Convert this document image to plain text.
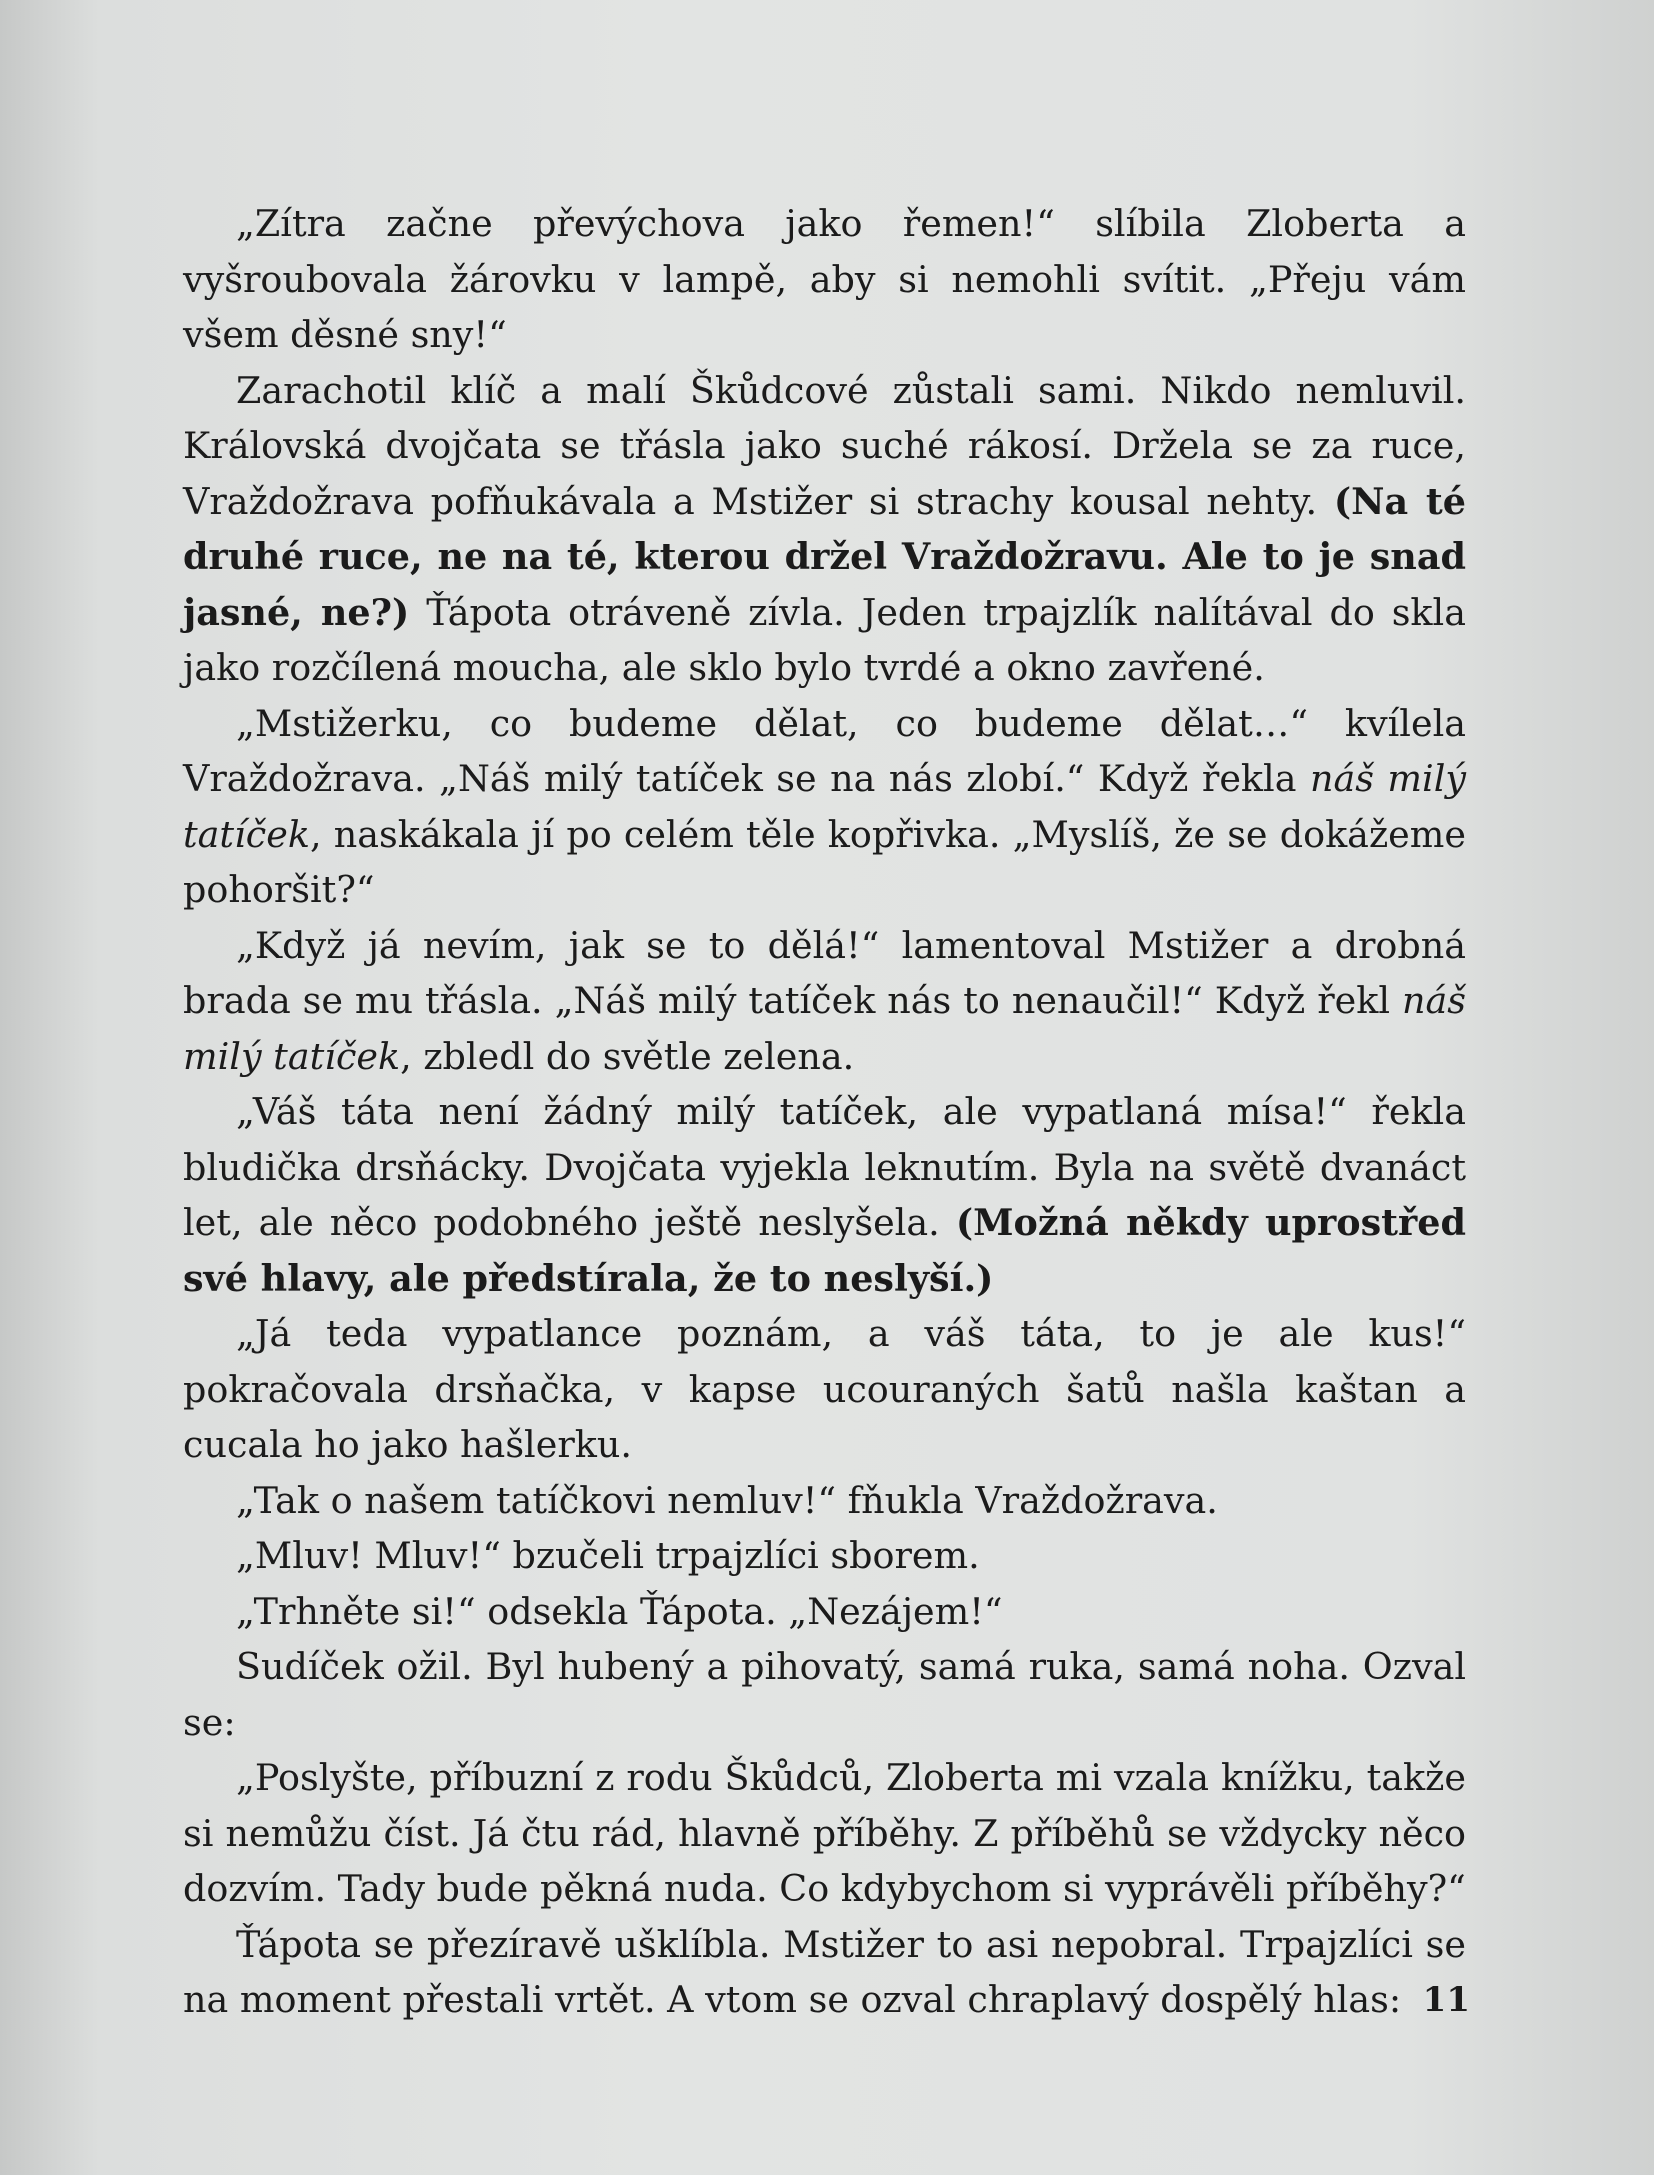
„Zítra začne převýchova jako řemen!“ slíbila Zloberta a vyšroubovala žárovku v lampě, aby si nemohli svítit. „Přeju vám všem děsné sny!“

Zarachotil klíč a malí Škůdcové zůstali sami. Nikdo nemluvil. Královská dvojčata se třásla jako suché rákosí. Držela se za ruce, Vraždožrava pofňukávala a Mstižer si strachy kousal nehty. (Na té druhé ruce, ne na té, kterou držel Vraždožravu. Ale to je snad jasné, ne?) Ťápota otráveně zívla. Jeden trpajzlík nalítával do skla jako rozčílená moucha, ale sklo bylo tvrdé a okno zavřené.

„Mstižerku, co budeme dělat, co budeme dělat…“ kvílela Vraždožrava. „Náš milý tatíček se na nás zlobí.“ Když řekla náš milý tatíček, naskákala jí po celém těle kopřivka. „Myslíš, že se dokážeme pohoršit?“

„Když já nevím, jak se to dělá!“ lamentoval Mstižer a drobná brada se mu třásla. „Náš milý tatíček nás to nenaučil!“ Když řekl náš milý tatíček, zbledl do světle zelena.

„Váš táta není žádný milý tatíček, ale vypatlaná mísa!“ řekla bludička drsňácky. Dvojčata vyjekla leknutím. Byla na světě dvanáct let, ale něco podobného ještě neslyšela. (Možná někdy uprostřed své hlavy, ale předstírala, že to neslyší.)

„Já teda vypatlance poznám, a váš táta, to je ale kus!“ pokračovala drsňačka, v kapse ucouraných šatů našla kaštan a cucala ho jako hašlerku.

„Tak o našem tatíčkovi nemluv!“ fňukla Vraždožrava.

„Mluv! Mluv!“ bzučeli trpajzlíci sborem.

„Trhněte si!“ odsekla Ťápota. „Nezájem!“

Sudíček ožil. Byl hubený a pihovatý, samá ruka, samá noha. Ozval se:

„Poslyšte, příbuzní z rodu Škůdců, Zloberta mi vzala knížku, takže si nemůžu číst. Já čtu rád, hlavně příběhy. Z příběhů se vždycky něco dozvím. Tady bude pěkná nuda. Co kdybychom si vyprávěli příběhy?“

Ťápota se přezíravě ušklíbla. Mstižer to asi nepobral. Trpajzlíci se na moment přestali vrtět. A vtom se ozval chraplavý dospělý hlas: 11
